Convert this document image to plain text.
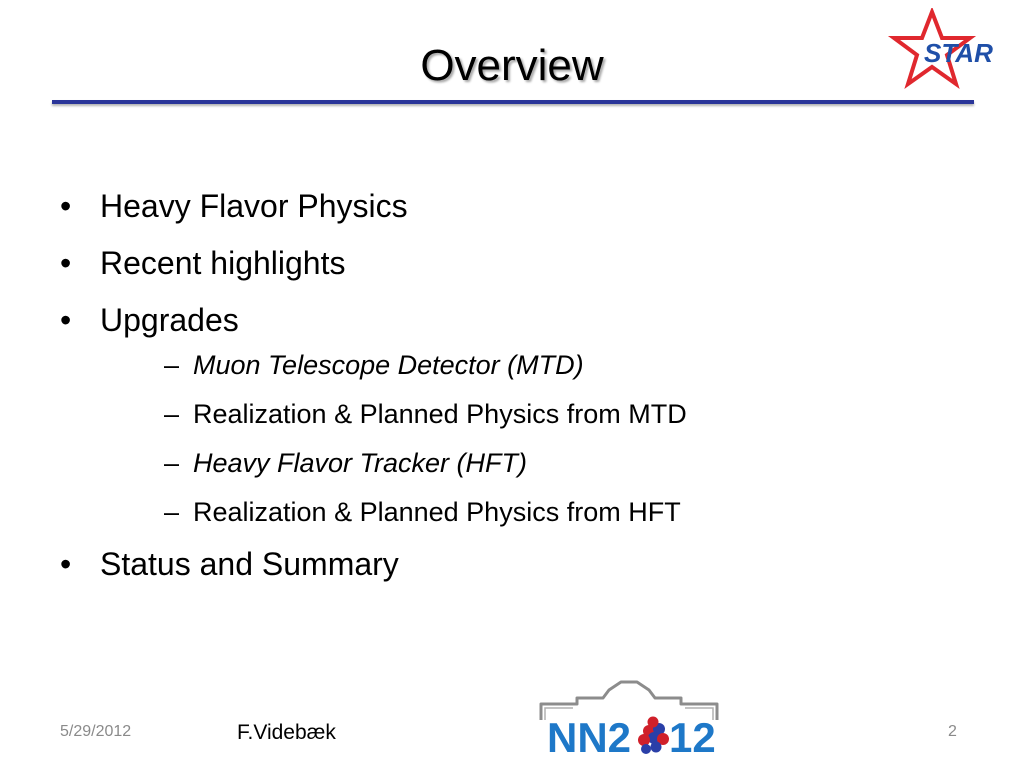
Overview	STAR
• Heavy Flavor Physics
• Recent highlights
• Upgrades
– Muon Telescope Detector (MTD)
– Realization & Planned Physics from MTD
– Heavy Flavor Tracker (HFT)
– Realization & Planned Physics from HFT
• Status and Summary
5/29/2012	F.Videbæk	NN2 12	2
